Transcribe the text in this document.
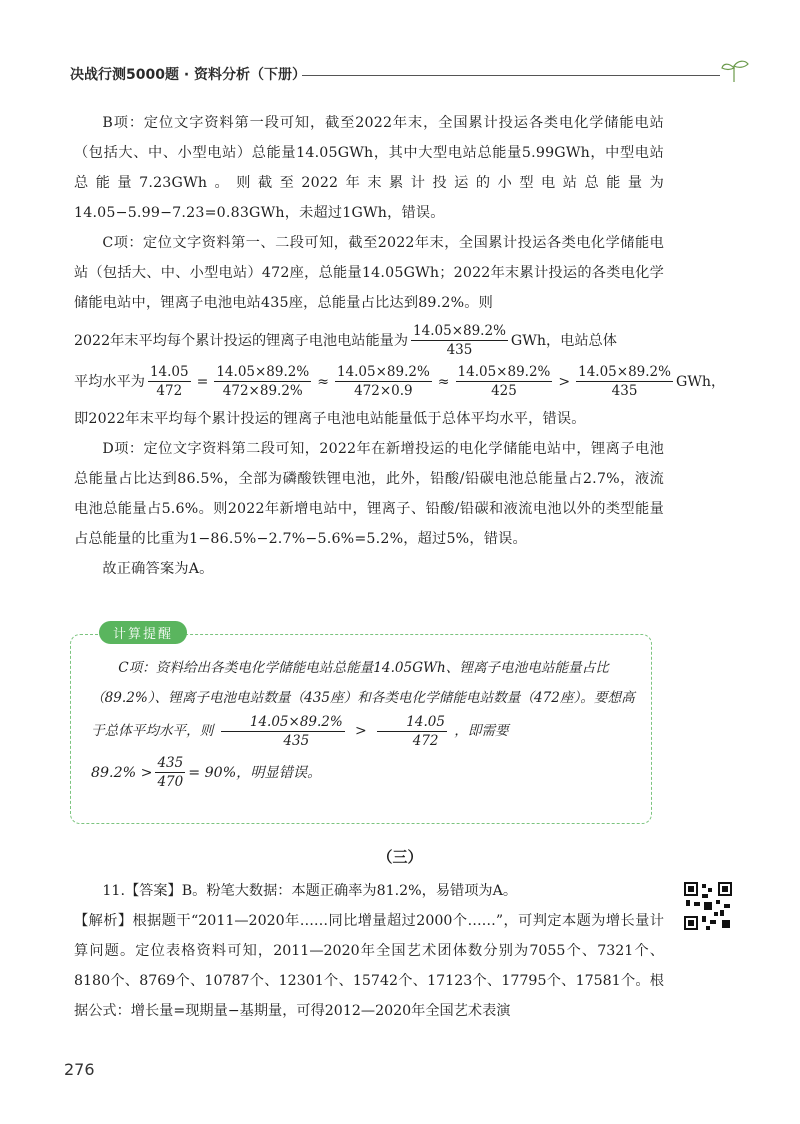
决战行测5000题 · 资料分析（下册）

B项：定位文字资料第一段可知，截至2022年末，全国累计投运各类电化学储能电站（包括大、中、小型电站）总能量14.05GWh，其中大型电站总能量5.99GWh，中型电站总能量7.23GWh。则截至2022年末累计投运的小型电站总能量为14.05−5.99−7.23=0.83GWh，未超过1GWh，错误。

C项：定位文字资料第一、二段可知，截至2022年末，全国累计投运各类电化学储能电站（包括大、中、小型电站）472座，总能量14.05GWh；2022年末累计投运的各类电化学储能电站中，锂离子电池电站435座，总能量占比达到89.2%。则

2022年末平均每个累计投运的锂离子电池电站能量为 $\frac{14.05\times 89.2\%}{435}$ GWh，电站总体
平均水平为 $\frac{14.05}{472} = \frac{14.05\times 89.2\%}{472\times 89.2\%} \approx \frac{14.05\times 89.2\%}{472\times 0.9} \approx \frac{14.05\times 89.2\%}{425} > \frac{14.05\times 89.2\%}{435}$ GWh，

即2022年末平均每个累计投运的锂离子电池电站能量低于总体平均水平，错误。

D项：定位文字资料第二段可知，2022年在新增投运的电化学储能电站中，锂离子电池总能量占比达到86.5%，全部为磷酸铁锂电池，此外，铅酸/铅碳电池总能量占2.7%，液流电池总能量占5.6%。则2022年新增电站中，锂离子、铅酸/铅碳和液流电池以外的类型能量占总能量的比重为1−86.5%−2.7%−5.6%=5.2%，超过5%，错误。

故正确答案为A。

计算提醒

C项：资料给出各类电化学储能电站总能量14.05GWh、锂离子电池电站能量占比（89.2%）、锂离子电池电站数量（435座）和各类电化学储能电站数量（472座）。要想高于总体平均水平，则 $\frac{14.05\times 89.2\%}{435} > \frac{14.05}{472}$ ，即需要

$89.2\% > \frac{435}{470} = 90\%$，明显错误。
（三）

11.【答案】B。粉笔大数据：本题正确率为81.2%，易错项为A。

【解析】根据题干“2011—2020年……同比增量超过2000个……”，可判定本题为增长量计算问题。定位表格资料可知，2011—2020年全国艺术团体数分别为7055个、7321个、8180个、8769个、10787个、12301个、15742个、17123个、17795个、17581个。根据公式：增长量=现期量−基期量，可得2012—2020年全国艺术表演

276
